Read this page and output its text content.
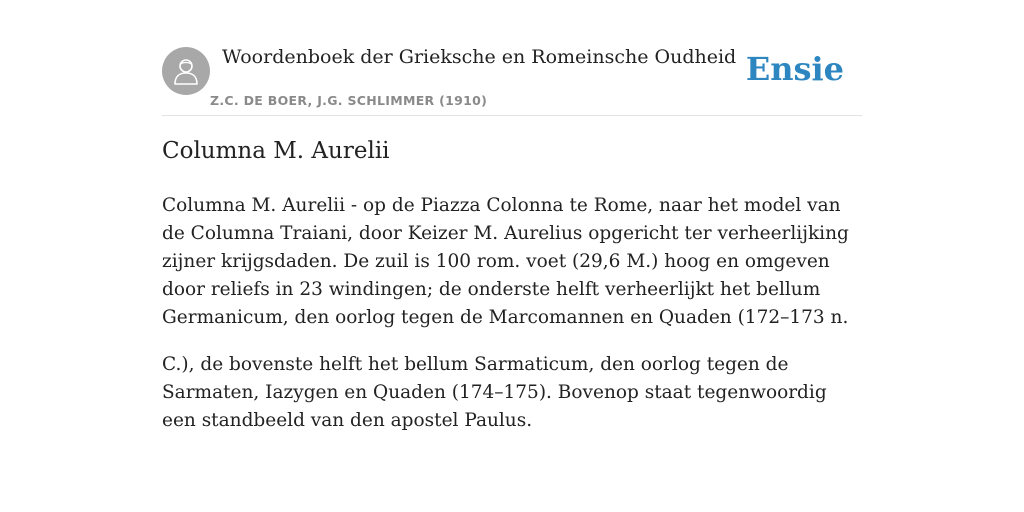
Woordenboek der Grieksche en Romeinsche Oudheid
Z.C. DE BOER, J.G. SCHLIMMER (1910)
Ensie
Columna M. Aurelii

Columna M. Aurelii - op de Piazza Colonna te Rome, naar het model van de Columna Traiani, door Keizer M. Aurelius opgericht ter verheerlijking zijner krijgsdaden. De zuil is 100 rom. voet (29,6 M.) hoog en omgeven door reliefs in 23 windingen; de onderste helft verheerlijkt het bellum Germanicum, den oorlog tegen de Marcomannen en Quaden (172–173 n.

C.), de bovenste helft het bellum Sarmaticum, den oorlog tegen de Sarmaten, Iazygen en Quaden (174–175). Bovenop staat tegenwoordig een standbeeld van den apostel Paulus.
